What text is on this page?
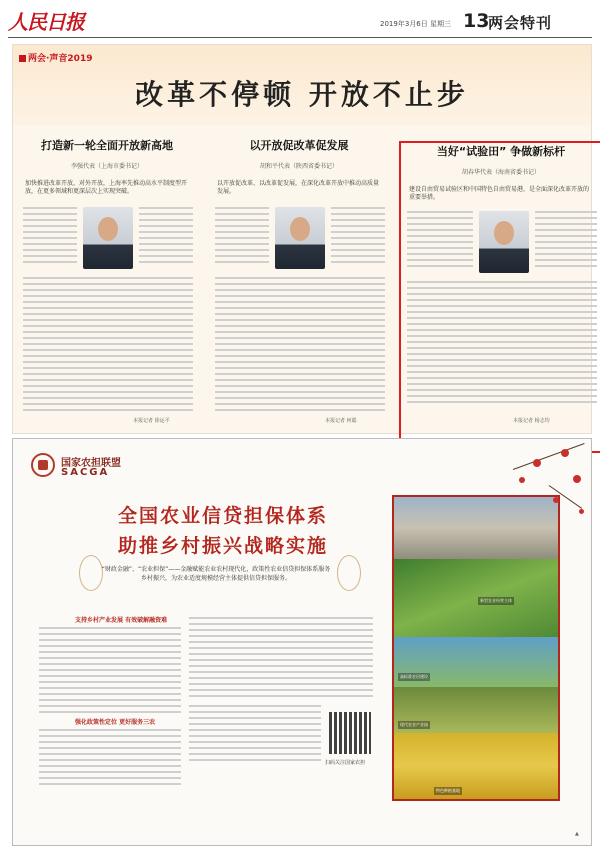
人民日报	2019年3月6日 星期三 13
两会特刊
两会·声音2019
改革不停顿 开放不止步
打造新一轮全面开放新高地
李强代表（上海市委书记）
加快推进改革开放，对外开放，上海率先推动高水平制度型开放，在更多领域和更深层次上实现突破。
以开放促改革促发展
胡和平代表（陕西省委书记）
以开放促改革、以改革促发展，在深化改革开放中推动高质量发展。
当好“试验田” 争做新标杆
胡春华代表（海南省委书记）
建设自由贸易试验区和中国特色自由贸易港，是全面深化改革开放的重要举措。
本报记者 徐运平	本报记者 何聪	本报记者 杨志均
国家农担联盟
SACGA
全国农业信贷担保体系
助推乡村振兴战略实施
“财政金融”、“农业担保”——金融赋能农业农村现代化，政策性农业信贷担保体系服务乡村振兴，为农业适度规模经营主体提供信贷担保服务。
支持乡村产业发展 有效破解融资难
强化政策性定位 更好服务三农
扫码关注国家农担
新型农业经营主体
高标准农田建设
现代农业产业园
特色种植基地
▲
